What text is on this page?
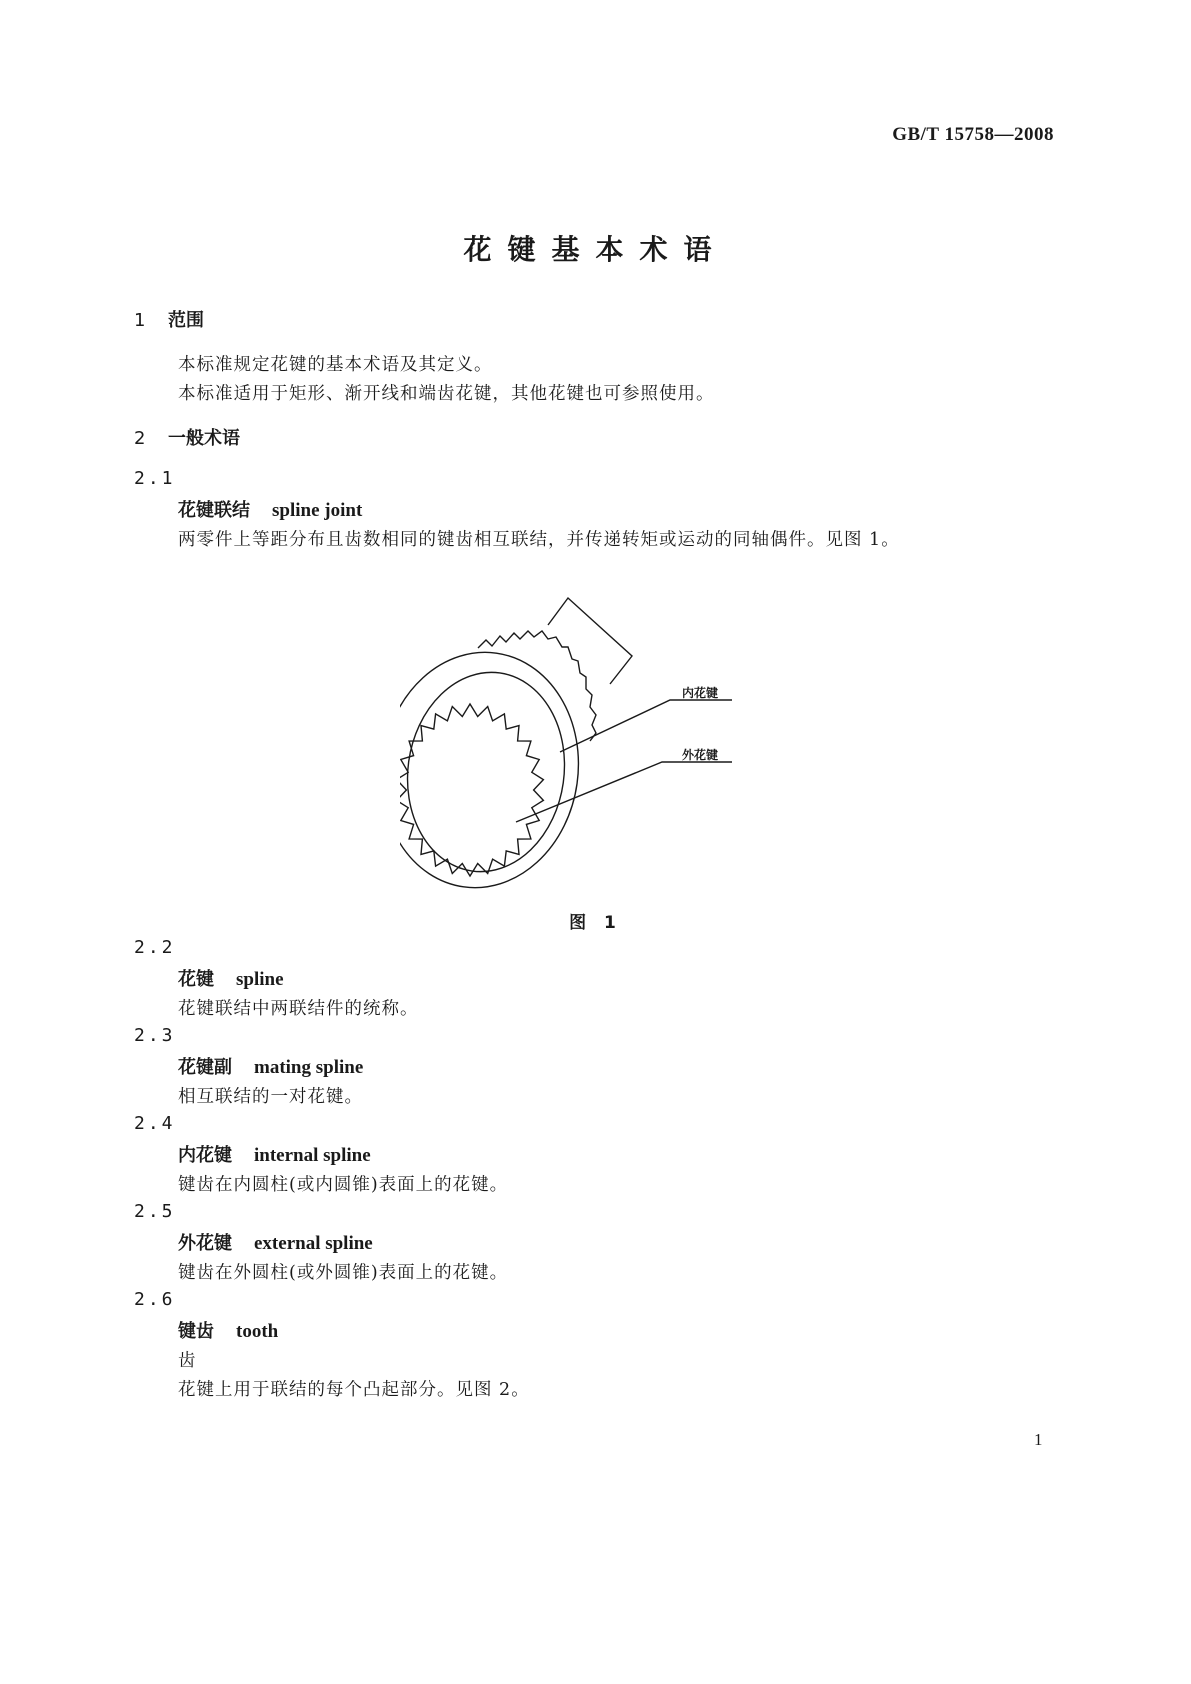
GB/T 15758—2008
花键基本术语
1 范围
本标准规定花键的基本术语及其定义。
本标准适用于矩形、渐开线和端齿花键，其他花键也可参照使用。
2 一般术语
2.1
花键联结 spline joint
两零件上等距分布且齿数相同的键齿相互联结，并传递转矩或运动的同轴偶件。见图 1。
内花键
外花键
图 1
2.2
花键 spline
花键联结中两联结件的统称。
2.3
花键副 mating spline
相互联结的一对花键。
2.4
内花键 internal spline
键齿在内圆柱(或内圆锥)表面上的花键。
2.5
外花键 external spline
键齿在外圆柱(或外圆锥)表面上的花键。
2.6
键齿 tooth
齿
花键上用于联结的每个凸起部分。见图 2。
1
